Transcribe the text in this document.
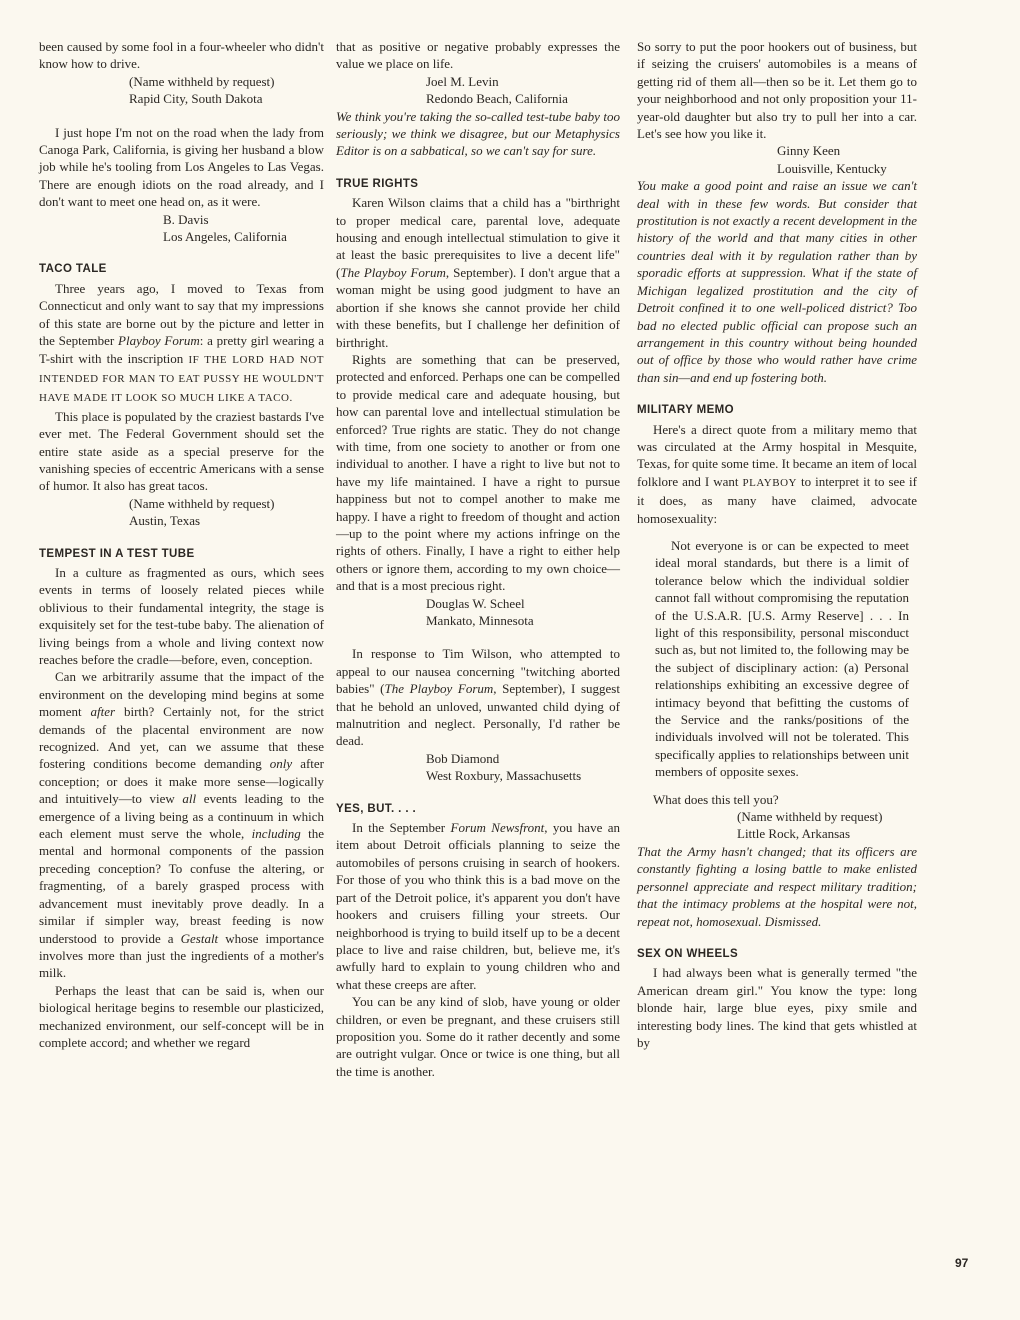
been caused by some fool in a four-wheeler who didn't know how to drive.

(Name withheld by request)

Rapid City, South Dakota

I just hope I'm not on the road when the lady from Canoga Park, California, is giving her husband a blow job while he's tooling from Los Angeles to Las Vegas. There are enough idiots on the road already, and I don't want to meet one head on, as it were.

B. Davis

Los Angeles, California

TACO TALE

Three years ago, I moved to Texas from Connecticut and only want to say that my impressions of this state are borne out by the picture and letter in the September Playboy Forum: a pretty girl wearing a T-shirt with the inscription IF THE LORD HAD NOT INTENDED FOR MAN TO EAT PUSSY HE WOULDN'T HAVE MADE IT LOOK SO MUCH LIKE A TACO.

This place is populated by the craziest bastards I've ever met. The Federal Government should set the entire state aside as a special preserve for the vanishing species of eccentric Americans with a sense of humor. It also has great tacos.

(Name withheld by request)

Austin, Texas

TEMPEST IN A TEST TUBE

In a culture as fragmented as ours, which sees events in terms of loosely related pieces while oblivious to their fundamental integrity, the stage is exquisitely set for the test-tube baby. The alienation of living beings from a whole and living context now reaches before the cradle—before, even, conception.

Can we arbitrarily assume that the impact of the environment on the developing mind begins at some moment after birth? Certainly not, for the strict demands of the placental environment are now recognized. And yet, can we assume that these fostering conditions become demanding only after conception; or does it make more sense—logically and intuitively—to view all events leading to the emergence of a living being as a continuum in which each element must serve the whole, including the mental and hormonal components of the passion preceding conception? To confuse the altering, or fragmenting, of a barely grasped process with advancement must inevitably prove deadly. In a similar if simpler way, breast feeding is now understood to provide a Gestalt whose importance involves more than just the ingredients of a mother's milk.

Perhaps the least that can be said is, when our biological heritage begins to resemble our plasticized, mechanized environment, our self-concept will be in complete accord; and whether we regard

that as positive or negative probably expresses the value we place on life.

Joel M. Levin

Redondo Beach, California

We think you're taking the so-called test-tube baby too seriously; we think we disagree, but our Metaphysics Editor is on a sabbatical, so we can't say for sure.

TRUE RIGHTS

Karen Wilson claims that a child has a "birthright to proper medical care, parental love, adequate housing and enough intellectual stimulation to give it at least the basic prerequisites to live a decent life" (The Playboy Forum, September). I don't argue that a woman might be using good judgment to have an abortion if she knows she cannot provide her child with these benefits, but I challenge her definition of birthright.

Rights are something that can be preserved, protected and enforced. Perhaps one can be compelled to provide medical care and adequate housing, but how can parental love and intellectual stimulation be enforced? True rights are static. They do not change with time, from one society to another or from one individual to another. I have a right to live but not to have my life maintained. I have a right to pursue happiness but not to compel another to make me happy. I have a right to freedom of thought and action—up to the point where my actions infringe on the rights of others. Finally, I have a right to either help others or ignore them, according to my own choice—and that is a most precious right.

Douglas W. Scheel

Mankato, Minnesota

In response to Tim Wilson, who attempted to appeal to our nausea concerning "twitching aborted babies" (The Playboy Forum, September), I suggest that he behold an unloved, unwanted child dying of malnutrition and neglect. Personally, I'd rather be dead.

Bob Diamond

West Roxbury, Massachusetts

YES, BUT. . . .

In the September Forum Newsfront, you have an item about Detroit officials planning to seize the automobiles of persons cruising in search of hookers. For those of you who think this is a bad move on the part of the Detroit police, it's apparent you don't have hookers and cruisers filling your streets. Our neighborhood is trying to build itself up to be a decent place to live and raise children, but, believe me, it's awfully hard to explain to young children who and what these creeps are after.

You can be any kind of slob, have young or older children, or even be pregnant, and these cruisers still proposition you. Some do it rather decently and some are outright vulgar. Once or twice is one thing, but all the time is another.

So sorry to put the poor hookers out of business, but if seizing the cruisers' automobiles is a means of getting rid of them all—then so be it. Let them go to your neighborhood and not only proposition your 11-year-old daughter but also try to pull her into a car. Let's see how you like it.

Ginny Keen

Louisville, Kentucky

You make a good point and raise an issue we can't deal with in these few words. But consider that prostitution is not exactly a recent development in the history of the world and that many cities in other countries deal with it by regulation rather than by sporadic efforts at suppression. What if the state of Michigan legalized prostitution and the city of Detroit confined it to one well-policed district? Too bad no elected public official can propose such an arrangement in this country without being hounded out of office by those who would rather have crime than sin—and end up fostering both.

MILITARY MEMO

Here's a direct quote from a military memo that was circulated at the Army hospital in Mesquite, Texas, for quite some time. It became an item of local folklore and I want PLAYBOY to interpret it to see if it does, as many have claimed, advocate homosexuality:

Not everyone is or can be expected to meet ideal moral standards, but there is a limit of tolerance below which the individual soldier cannot fall without compromising the reputation of the U.S.A.R. [U.S. Army Reserve] . . . In light of this responsibility, personal misconduct such as, but not limited to, the following may be the subject of disciplinary action: (a) Personal relationships exhibiting an excessive degree of intimacy beyond that befitting the customs of the Service and the ranks/positions of the individuals involved will not be tolerated. This specifically applies to relationships between unit members of opposite sexes.

What does this tell you?

(Name withheld by request)

Little Rock, Arkansas

That the Army hasn't changed; that its officers are constantly fighting a losing battle to make enlisted personnel appreciate and respect military tradition; that the intimacy problems at the hospital were not, repeat not, homosexual. Dismissed.

SEX ON WHEELS

I had always been what is generally termed "the American dream girl." You know the type: long blonde hair, large blue eyes, pixy smile and interesting body lines. The kind that gets whistled at by

97
